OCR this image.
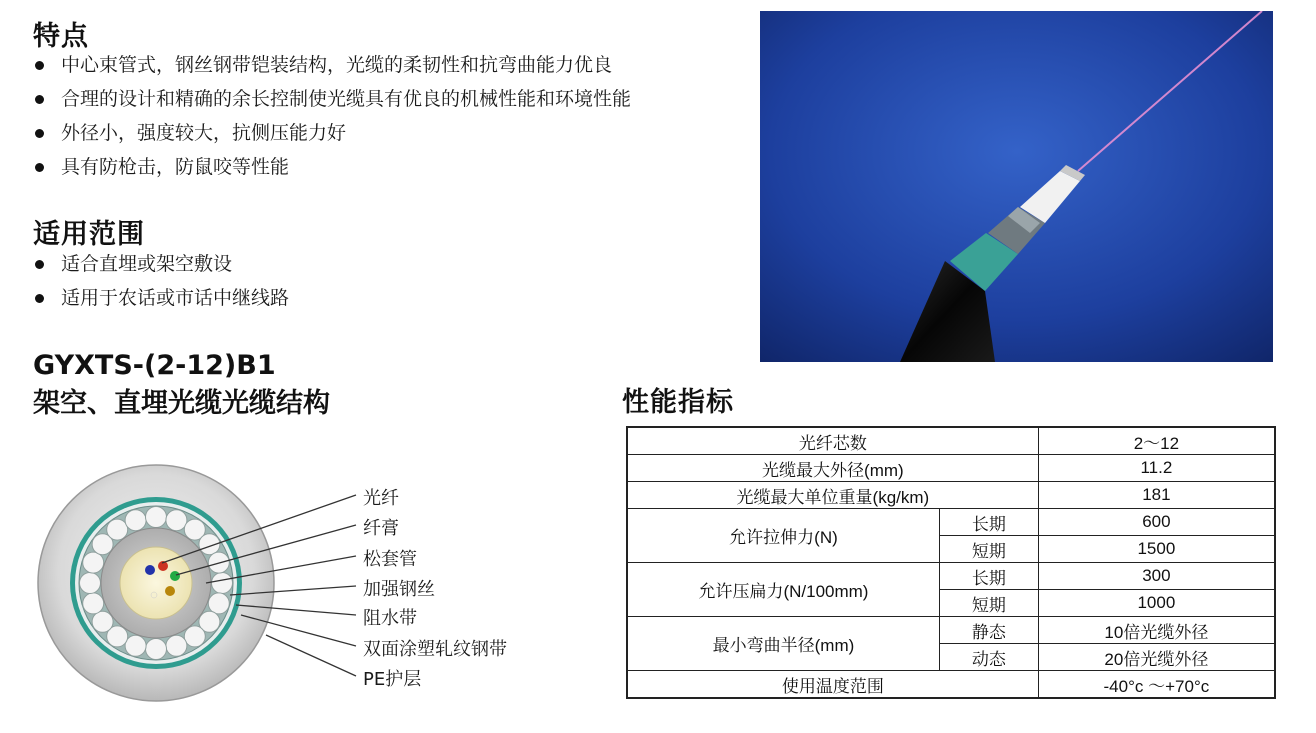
特点
中心束管式，钢丝钢带铠装结构，光缆的柔韧性和抗弯曲能力优良
合理的设计和精确的余长控制使光缆具有优良的机械性能和环境性能
外径小，强度较大，抗侧压能力好
具有防枪击，防鼠咬等性能
适用范围
适合直埋或架空敷设
适用于农话或市话中继线路
GYXTS-(2-12)B1
架空、直埋光缆光缆结构
光纤
纤膏
松套管
加强钢丝
阻水带
双面涂塑轧纹钢带
PE护层
性能指标
光纤芯数		2～12
光缆最大外径(mm)		11.2
光缆最大单位重量(kg/km)		181
允许拉伸力(N)	长期	600
	短期	1500
允许压扁力(N/100mm)	长期	300
	短期	1000
最小弯曲半径(mm)	静态	10倍光缆外径
	动态	20倍光缆外径
使用温度范围		-40°c ～+70°c
